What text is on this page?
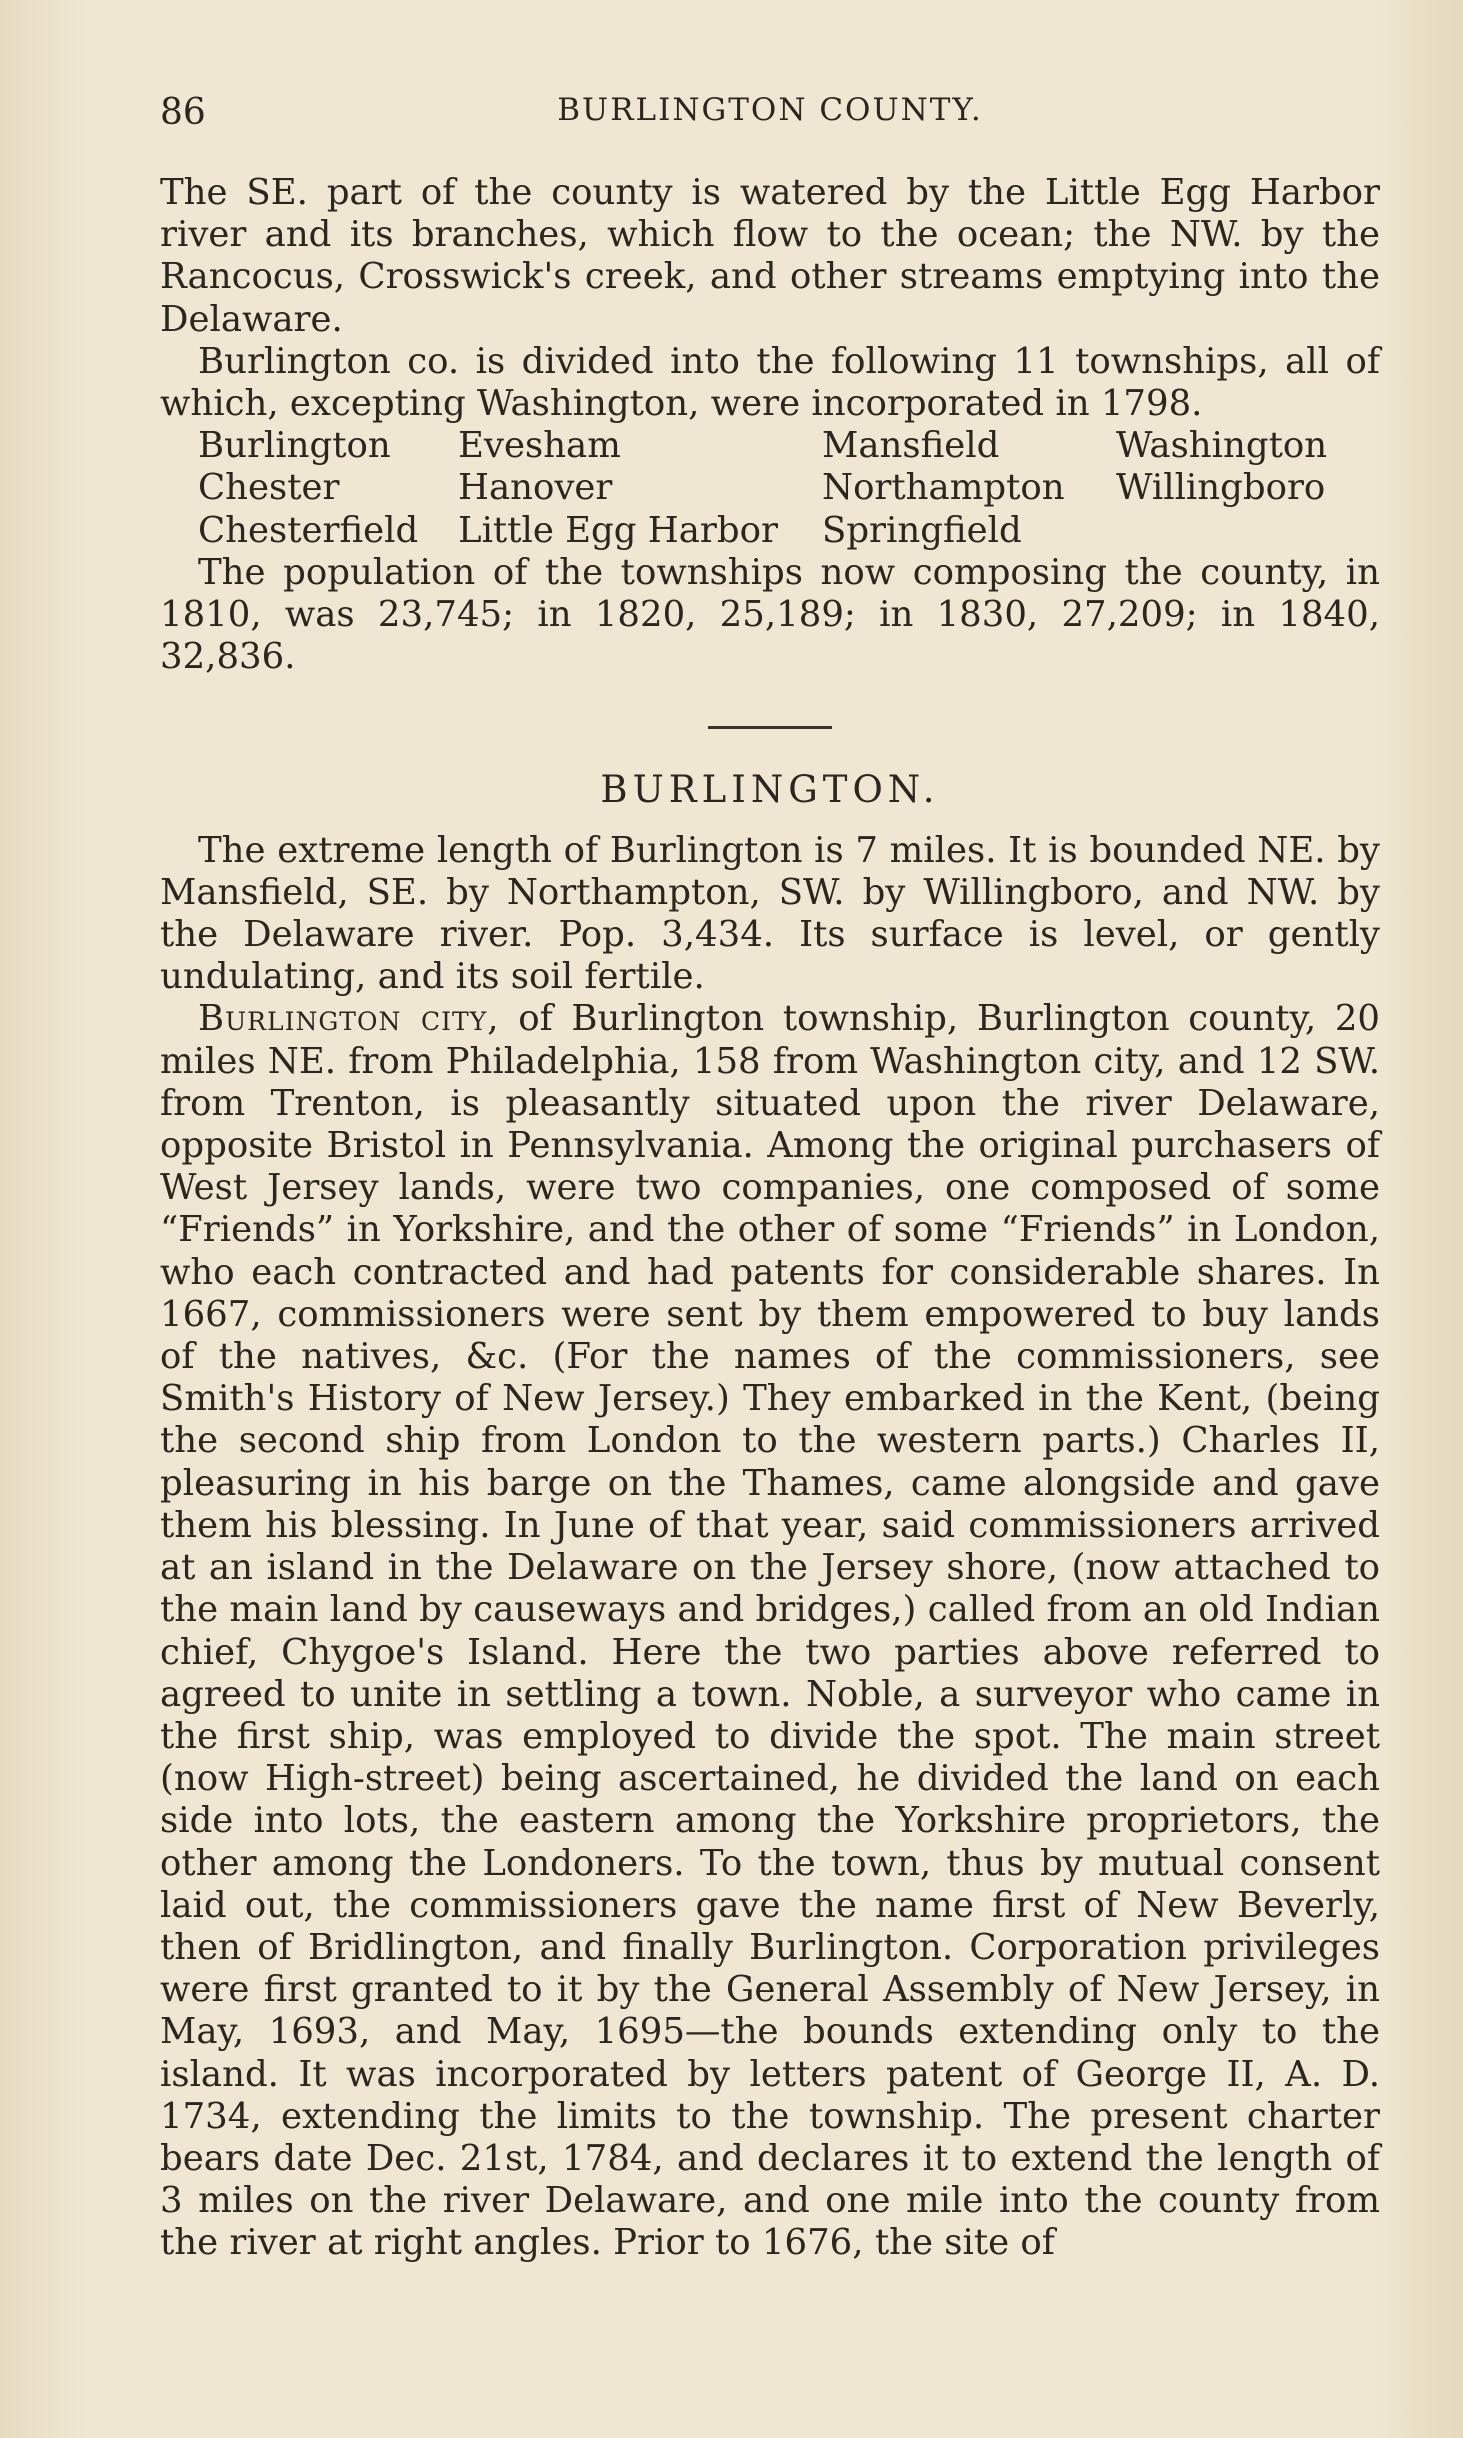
86	BURLINGTON COUNTY.

The SE. part of the county is watered by the Little Egg Harbor river and its branches, which flow to the ocean; the NW. by the Rancocus, Crosswick's creek, and other streams emptying into the Delaware.

Burlington co. is divided into the following 11 townships, all of which, excepting Washington, were incorporated in 1798.

Burlington	Evesham	Mansfield	Washington
Chester	Hanover	Northampton	Willingboro
Chesterfield	Little Egg Harbor	Springfield

The population of the townships now composing the county, in 1810, was 23,745; in 1820, 25,189; in 1830, 27,209; in 1840, 32,836.

BURLINGTON.

The extreme length of Burlington is 7 miles. It is bounded NE. by Mansfield, SE. by Northampton, SW. by Willingboro, and NW. by the Delaware river. Pop. 3,434. Its surface is level, or gently undulating, and its soil fertile.

Burlington city, of Burlington township, Burlington county, 20 miles NE. from Philadelphia, 158 from Washington city, and 12 SW. from Trenton, is pleasantly situated upon the river Delaware, opposite Bristol in Pennsylvania. Among the original purchasers of West Jersey lands, were two companies, one composed of some “Friends” in Yorkshire, and the other of some “Friends” in London, who each contracted and had patents for considerable shares. In 1667, commissioners were sent by them empowered to buy lands of the natives, &c. (For the names of the commissioners, see Smith's History of New Jersey.) They embarked in the Kent, (being the second ship from London to the western parts.) Charles II, pleasuring in his barge on the Thames, came alongside and gave them his blessing. In June of that year, said commissioners arrived at an island in the Delaware on the Jersey shore, (now attached to the main land by causeways and bridges,) called from an old Indian chief, Chygoe's Island. Here the two parties above referred to agreed to unite in settling a town. Noble, a surveyor who came in the first ship, was employed to divide the spot. The main street (now High-street) being ascertained, he divided the land on each side into lots, the eastern among the Yorkshire proprietors, the other among the Londoners. To the town, thus by mutual consent laid out, the commissioners gave the name first of New Beverly, then of Bridlington, and finally Burlington. Corporation privileges were first granted to it by the General Assembly of New Jersey, in May, 1693, and May, 1695—the bounds extending only to the island. It was incorporated by letters patent of George II, A. D. 1734, extending the limits to the township. The present charter bears date Dec. 21st, 1784, and declares it to extend the length of 3 miles on the river Delaware, and one mile into the county from the river at right angles. Prior to 1676, the site of
